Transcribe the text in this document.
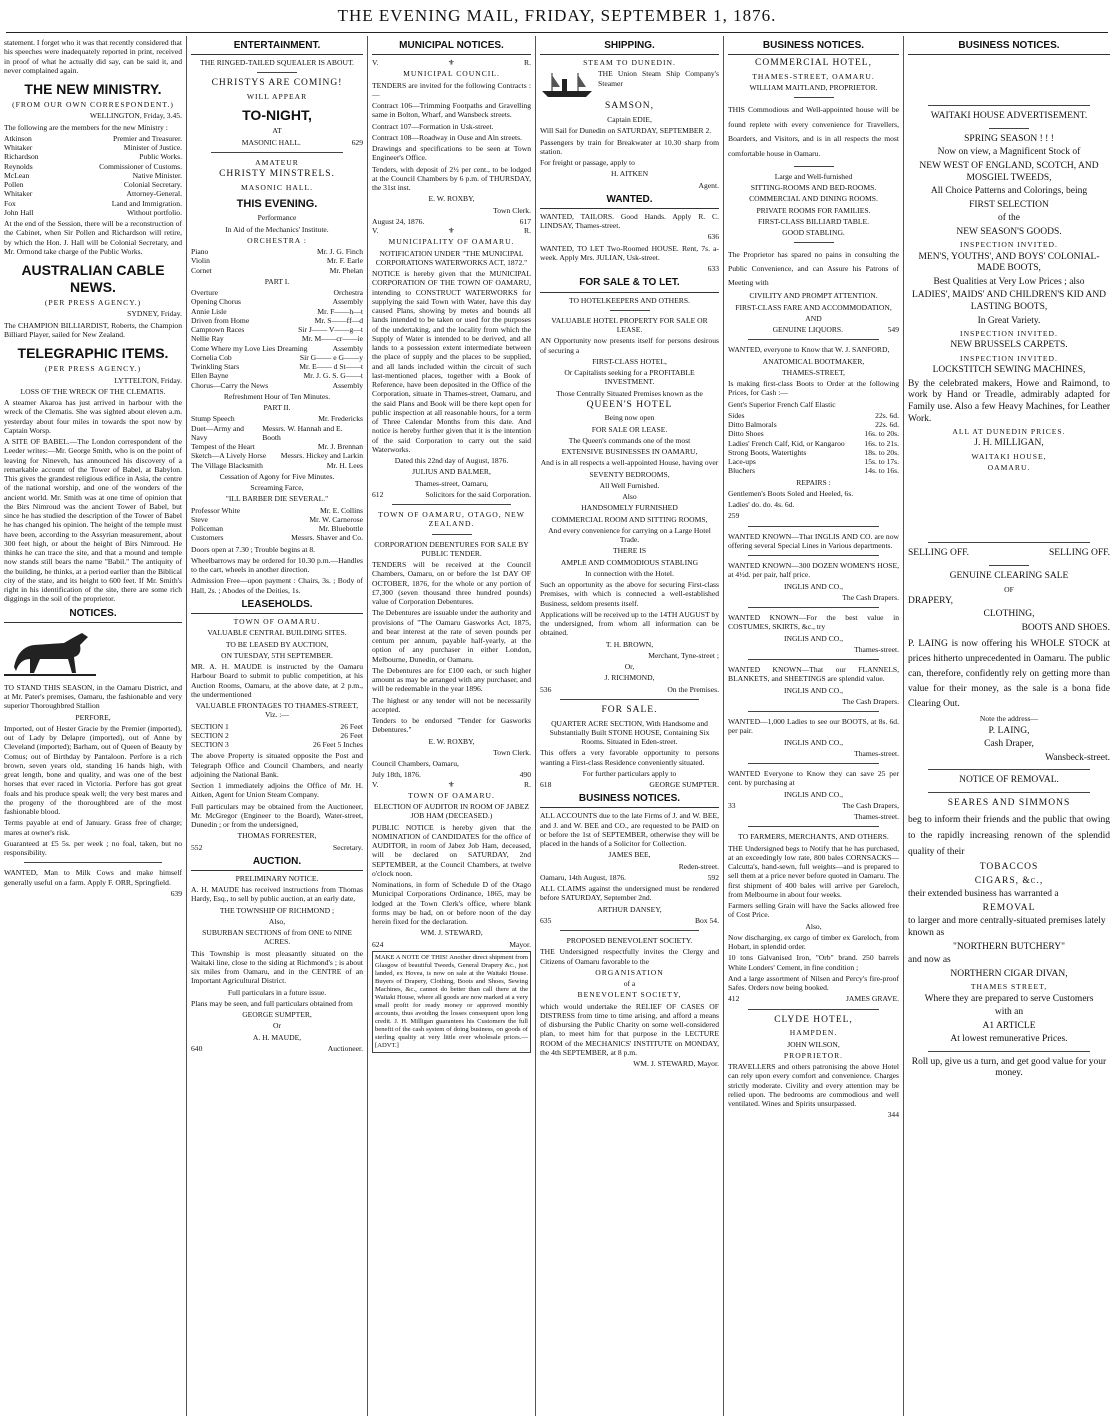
THE EVENING MAIL, FRIDAY, SEPTEMBER 1, 1876.

statement. I forget who it was that recently considered that his speeches were inadequately reported in print, received in proof of what he actually did say, can be said it, and never complained again.

THE NEW MINISTRY.

(FROM OUR OWN CORRESPONDENT.)

WELLINGTON, Friday, 3.45.

The following are the members for the new Ministry :

Atkinson	Premier and Treasurer.
Whitaker	Minister of Justice.
Richardson	Public Works.
Reynolds	Commissioner of Customs.
McLean	Native Minister.
Pollen	Colonial Secretary.
Whitaker	Attorney-General.
Fox	Land and Immigration.
John Hall	Without portfolio.

At the end of the Session, there will be a reconstruction of the Cabinet, when Sir Pollen and Richardson will retire, by which the Hon. J. Hall will be Colonial Secretary, and Mr. Ormond take charge of the Public Works.

AUSTRALIAN CABLE NEWS.

(PER PRESS AGENCY.)

SYDNEY, Friday.

The CHAMPION BILLIARDIST, Roberts, the Champion Billiard Player, sailed for New Zealand.

TELEGRAPHIC ITEMS.

(PER PRESS AGENCY.)

LYTTELTON, Friday.

LOSS OF THE WRECK OF THE CLEMATIS.

A steamer Akaroa has just arrived in harbour with the wreck of the Clematis. She was sighted about eleven a.m. yesterday about four miles in towards the spot now by Captain Worsp.

A SITE OF BABEL.—The London correspondent of the Leeder writes:—Mr. George Smith, who is on the point of leaving for Nineveh, has announced his discovery of a remarkable account of the Tower of Babel, at Babylon. This gives the grandest religious edifice in Asia, the centre of the national worship, and one of the wonders of the ancient world. Mr. Smith was at one time of opinion that the Birs Nimroud was the ancient Tower of Babel, but since he has studied the description of the Tower of Babel he has changed his opinion. The height of the temple must have been, according to the Assyrian measurement, about 300 feet high, or about the height of Birs Nimroud. He thinks he can trace the site, and that a mound and temple now stands still bears the name "Babil." The antiquity of the building, he thinks, at a period earlier than the Biblical city of the state, and its height to 600 feet. If Mr. Smith's right in his identification of the site, there are some rich diggings in the soil of the proprietor.

NOTICES.

TO STAND THIS SEASON, in the Oamaru District, and at Mr. Pater's premises, Oamaru, the fashionable and very superior Thoroughbred Stallion

PERFORE,

Imported, out of Hester Gracie by the Premier (imported), out of Lady by Delapre (imported), out of Anne by Cleveland (imported); Barham, out of Queen of Beauty by Comus; out of Birthday by Pantaloon. Perfore is a rich brown, seven years old, standing 16 hands high, with great length, bone and quality, and was one of the best horses that ever raced in Victoria. Perfore has got great foals and his produce speak well; the very best mares and the progeny of the thoroughbred are of the most fashionable blood.

Terms payable at end of January. Grass free of charge; mares at owner's risk.

Guaranteed at £5 5s. per week ; no foal, taken, but no responsibility.

WANTED, Man to Milk Cows and make himself generally useful on a farm. Apply F. ORR, Springfield.

639

ENTERTAINMENT.

THE RINGED-TAILED SQUEALER IS ABOUT.

CHRISTYS ARE COMING!

WILL APPEAR

TO-NIGHT,

AT

MASONIC HALL.	629

AMATEUR

CHRISTY MINSTRELS.

MASONIC HALL.

THIS EVENING.

Performance

In Aid of the Mechanics' Institute.

ORCHESTRA :

Piano	Mr. J. G. Finch
Violin	Mr. F. Earle
Cornet	Mr. Phelan

PART I.

Overture	Orchestra
Opening Chorus	Assembly
Annie Lisle	Mr. F——h—t
Driven from Home	Mr. S——ff—d
Camptown Races	Sir J—— V——g—t
Nellie Ray	Mr. M——cr——ie
Come Where my Love Lies Dreaming	Assembly
Cornelia Cob	Sir G—— e G——y
Twinkling Stars	Mr. E—— d St——t
Ellen Bayne	Mr. J. G. S. G——t
Chorus—Carry the News	Assembly

Refreshment Hour of Ten Minutes.

PART II.

Stump Speech	Mr. Fredericks
Duet—Army and Navy
Messrs. W. Hannah and E. Booth
Tempest of the Heart	Mr. J. Brennan
Sketch—A Lively Horse Messrs. Hickey and Larkin
The Village Blacksmith	Mr. H. Lees

Cessation of Agony for Five Minutes.

Screaming Farce,

"ILL BARBER DIE SEVERAL."

Professor White	Mr. E. Collins
Steve	Mr. W. Carnerose
Policeman	Mr. Bluebottle
Customers	Messrs. Shaver and Co.

Doors open at 7.30 ; Trouble begins at 8.

Wheelbarrows may be ordered for 10.30 p.m.—Handles to the cart, wheels in another direction.

Admission Free—upon payment : Chairs, 3s. ; Body of Hall, 2s. ; Abodes of the Deities, 1s.

LEASEHOLDS.

TOWN OF OAMARU.

VALUABLE CENTRAL BUILDING SITES.

TO BE LEASED BY AUCTION,

ON TUESDAY, 5TH SEPTEMBER.

MR. A. H. MAUDE is instructed by the Oamaru Harbour Board to submit to public competition, at his Auction Rooms, Oamaru, at the above date, at 2 p.m., the undermentioned

VALUABLE FRONTAGES TO THAMES-STREET, Viz. :—

SECTION 1	26 Feet
SECTION 2	26 Feet
SECTION 3	26 Feet 5 Inches

The above Property is situated opposite the Post and Telegraph Office and Council Chambers, and nearly adjoining the National Bank.

Section 1 immediately adjoins the Office of Mr. H. Aitken, Agent for Union Steam Company.

Full particulars may be obtained from the Auctioneer, Mr. McGregor (Engineer to the Board), Water-street, Dunedin ; or from the undersigned,

THOMAS FORRESTER,

552	Secretary.
AUCTION.

PRELIMINARY NOTICE.

A. H. MAUDE has received instructions from Thomas Hardy, Esq., to sell by public auction, at an early date,

THE TOWNSHIP OF RICHMOND ;

Also,

SUBURBAN SECTIONS of from ONE to NINE ACRES.

This Township is most pleasantly situated on the Waitaki line, close to the siding at Richmond's ; is about six miles from Oamaru, and in the CENTRE of an Important Agricultural District.

Full particulars in a future issue.

Plans may be seen, and full particulars obtained from

GEORGE SUMPTER,

Or

A. H. MAUDE,

640	Auctioneer.
MUNICIPAL NOTICES.
V.	⚜	R.

MUNICIPAL COUNCIL.

TENDERS are invited for the following Contracts :—

Contract 106—Trimming Footpaths and Gravelling same in Bolton, Wharf, and Wansbeck streets.

Contract 107—Formation in Usk-street.

Contract 108—Roadway in Ouse and Aln streets.

Drawings and specifications to be seen at Town Engineer's Office.

Tenders, with deposit of 2½ per cent., to be lodged at the Council Chambers by 6 p.m. of THURSDAY, the 31st inst.

E. W. ROXBY,

Town Clerk.

August 24, 1876.	617
V.	⚜	R.

MUNICIPALITY OF OAMARU.

NOTIFICATION UNDER "THE MUNICIPAL CORPORATIONS WATERWORKS ACT, 1872."

NOTICE is hereby given that the MUNICIPAL CORPORATION OF THE TOWN OF OAMARU, intending to CONSTRUCT WATERWORKS for supplying the said Town with Water, have this day caused Plans, showing by metes and bounds all lands intended to be taken or used for the purposes of the undertaking, and the locality from which the Supply of Water is intended to be derived, and all lands to a possession extent intermediate between the place of supply and the places to be supplied, and all lands included within the circuit of such last-mentioned places, together with a Book of Reference, have been deposited in the Office of the Corporation, situate in Thames-street, Oamaru, and the said Plans and Book will be there kept open for public inspection at all reasonable hours, for a term of Three Calendar Months from this date. And notice is hereby further given that it is the intention of the said Corporation to carry out the said Waterworks.

Dated this 22nd day of August, 1876.

JULIUS AND BALMER,

Thames-street, Oamaru,

612	Solicitors for the said Corporation.

TOWN OF OAMARU, OTAGO, NEW ZEALAND.

CORPORATION DEBENTURES FOR SALE BY PUBLIC TENDER.

TENDERS will be received at the Council Chambers, Oamaru, on or before the 1st DAY OF OCTOBER, 1876, for the whole or any portion of £7,300 (seven thousand three hundred pounds) value of Corporation Debentures.

The Debentures are issuable under the authority and provisions of "The Oamaru Gasworks Act, 1875, and bear interest at the rate of seven pounds per centum per annum, payable half-yearly, at the option of any purchaser in either London, Melbourne, Dunedin, or Oamaru.

The Debentures are for £100 each, or such higher amount as may be arranged with any purchaser, and will be redeemable in the year 1896.

The highest or any tender will not be necessarily accepted.

Tenders to be endorsed "Tender for Gasworks Debentures."

E. W. ROXBY,

Town Clerk.

Council Chambers, Oamaru,

July 18th, 1876.	490
V.	⚜	R.

TOWN OF OAMARU.

ELECTION OF AUDITOR IN ROOM OF JABEZ JOB HAM (DECEASED.)

PUBLIC NOTICE is hereby given that the NOMINATION of CANDIDATES for the office of AUDITOR, in room of Jabez Job Ham, deceased, will be declared on SATURDAY, 2nd SEPTEMBER, at the Council Chambers, at twelve o'clock noon.

Nominations, in form of Schedule D of the Otago Municipal Corporations Ordinance, 1865, may be lodged at the Town Clerk's office, where blank forms may be had, on or before noon of the day herein fixed for the declaration.

WM. J. STEWARD,

624	Mayor.

MAKE A NOTE OF THIS! Another direct shipment from Glasgow of beautiful Tweeds, General Drapery &c., just landed, ex Hovea, is now on sale at the Waitaki House. Buyers of Drapery, Clothing, Boots and Shoes, Sewing Machines, &c., cannot do better than call there at the Waitaki House, where all goods are now marked at a very small profit for ready money or approved monthly accounts, thus avoiding the losses consequent upon long credit. J. H. Milligan guarantees his Customers the full benefit of the cash system of doing business, on goods of sterling quality at very little over wholesale prices.—[ADVT.]

SHIPPING.

STEAM TO DUNEDIN.

THE Union Steam Ship Company's Steamer

SAMSON,

Captain EDIE,

Will Sail for Dunedin on SATURDAY, SEPTEMBER 2.

Passengers by train for Breakwater at 10.30 sharp from station.

For freight or passage, apply to

H. AITKEN

Agent.

WANTED.

WANTED, TAILORS. Good Hands. Apply R. C. LINDSAY, Thames-street.

636

WANTED, TO LET Two-Roomed HOUSE. Rent, 7s. a-week. Apply Mrs. JULIAN, Usk-street.

633

FOR SALE & TO LET.

TO HOTELKEEPERS AND OTHERS.

VALUABLE HOTEL PROPERTY FOR SALE OR LEASE.

AN Opportunity now presents itself for persons desirous of securing a

FIRST-CLASS HOTEL,

Or Capitalists seeking for a PROFITABLE INVESTMENT.

Those Centrally Situated Premises known as the

QUEEN'S HOTEL

Being now open

FOR SALE OR LEASE.

The Queen's commands one of the most

EXTENSIVE BUSINESSES IN OAMARU,

And is in all respects a well-appointed House, having over

SEVENTY BEDROOMS,

All Well Furnished.

Also

HANDSOMELY FURNISHED

COMMERCIAL ROOM AND SITTING ROOMS,

And every convenience for carrying on a Large Hotel Trade.

THERE IS

AMPLE AND COMMODIOUS STABLING

In connection with the Hotel.

Such an opportunity as the above for securing First-class Premises, with which is connected a well-established Business, seldom presents itself.

Applications will be received up to the 14TH AUGUST by the undersigned, from whom all information can be obtained.

T. H. BROWN,

Merchant, Tyne-street ;

Or,

J. RICHMOND,

536	On the Premises.

FOR SALE.

QUARTER ACRE SECTION, With Handsome and Substantially Built STONE HOUSE, Containing Six Rooms. Situated in Eden-street.

This offers a very favorable opportunity to persons wanting a First-class Residence conveniently situated.

For further particulars apply to

618	GEORGE SUMPTER.
BUSINESS NOTICES.

ALL ACCOUNTS due to the late Firms of J. and W. BEE, and J. and W. BEE and CO., are requested to be PAID on or before the 1st of SEPTEMBER, otherwise they will be placed in the hands of a Solicitor for Collection.

JAMES BEE,

Reden-street.

Oamaru, 14th August, 1876.	592

ALL CLAIMS against the undersigned must be rendered before SATURDAY, September 2nd.

ARTHUR DANSEY,

635	Box 54.

PROPOSED BENEVOLENT SOCIETY.

THE Undersigned respectfully invites the Clergy and Citizens of Oamaru favorable to the

ORGANISATION

of a

BENEVOLENT SOCIETY,

which would undertake the RELIEF OF CASES OF DISTRESS from time to time arising, and afford a means of disbursing the Public Charity on some well-considered plan, to meet him for that purpose in the LECTURE ROOM of the MECHANICS' INSTITUTE on MONDAY, the 4th SEPTEMBER, at 8 p.m.

WM. J. STEWARD, Mayor.

BUSINESS NOTICES.

COMMERCIAL HOTEL,

THAMES-STREET, OAMARU.

WILLIAM MAITLAND, PROPRIETOR.

THIS Commodious and Well-appointed house will be found replete with every convenience for Travellers, Boarders, and Visitors, and is in all respects the most comfortable house in Oamaru.

Large and Well-furnished

SITTING-ROOMS AND BED-ROOMS.

COMMERCIAL AND DINING ROOMS.

PRIVATE ROOMS FOR FAMILIES.

FIRST-CLASS BILLIARD TABLE.

GOOD STABLING.

The Proprietor has spared no pains in consulting the Public Convenience, and can Assure his Patrons of Meeting with

CIVILITY AND PROMPT ATTENTION.

FIRST-CLASS FARE AND ACCOMMODATION,

AND

GENUINE LIQUORS.	549

WANTED, everyone to Know that W. J. SANFORD,

ANATOMICAL BOOTMAKER,

THAMES-STREET,

Is making first-class Boots to Order at the following Prices, for Cash :—

Gent's Superior French Calf Elastic

Sides	22s. 6d.
Ditto Balmorals	22s. 6d.
Ditto Shoes	16s. to 20s.
Ladies' French Calf, Kid, or Kangaroo	16s. to 21s.
Strong Boots, Watertights	18s. to 20s.
Lace-ups	15s. to 17s.
Bluchers	14s. to 16s.

REPAIRS :

Gentlemen's Boots Soled and Heeled, 6s.

Ladies' do. do. 4s. 6d.

259

WANTED KNOWN—That INGLIS AND CO. are now offering several Special Lines in Various departments.

WANTED KNOWN—300 DOZEN WOMEN'S HOSE, at 4½d. per pair, half price.

INGLIS AND CO.,

The Cash Drapers.

WANTED KNOWN—For the best value in COSTUMES, SKIRTS, &c., try

INGLIS AND CO.,

Thames-street.

WANTED KNOWN—That our FLANNELS, BLANKETS, and SHEETINGS are splendid value.

INGLIS AND CO.,

The Cash Drapers.

WANTED—1,000 Ladies to see our BOOTS, at 8s. 6d. per pair.

INGLIS AND CO.,

Thames-street.

WANTED Everyone to Know they can save 25 per cent. by purchasing at

INGLIS AND CO.,

33	The Cash Drapers,

Thames-street.

TO FARMERS, MERCHANTS, AND OTHERS.

THE Undersigned begs to Notify that he has purchased, at an exceedingly low rate, 800 bales CORNSACKS—Calcutta's, hand-sewn, full weights—and is prepared to sell them at a price never before quoted in Oamaru. The first shipment of 400 bales will arrive per Gareloch, from Melbourne in about four weeks.

Farmers selling Grain will have the Sacks allowed free of Cost Price.

Also,

Now discharging, ex cargo of timber ex Gareloch, from Hobart, in splendid order.

10 tons Galvanised Iron, "Orb" brand. 250 barrels White Londers' Cement, in fine condition ;

And a large assortment of Nilsen and Percy's fire-proof Safes. Orders now being booked.

412	JAMES GRAVE.

CLYDE HOTEL,

HAMPDEN.

JOHN WILSON,

PROPRIETOR.

TRAVELLERS and others patronising the above Hotel can rely upon every comfort and convenience. Charges strictly moderate. Civility and every attention may be relied upon. The bedrooms are commodious and well ventilated. Wines and Spirits unsurpassed.

344

BUSINESS NOTICES.

WAITAKI HOUSE ADVERTISEMENT.

SPRING SEASON ! ! !

Now on view, a Magnificent Stock of

NEW WEST OF ENGLAND, SCOTCH, AND MOSGIEL TWEEDS,

All Choice Patterns and Colorings, being

FIRST SELECTION

of the

NEW SEASON'S GOODS.

INSPECTION INVITED.

MEN'S, YOUTHS', AND BOYS' COLONIAL-MADE BOOTS,

Best Qualities at Very Low Prices ; also

LADIES', MAIDS' AND CHILDREN'S KID AND LASTING BOOTS,

In Great Variety.

INSPECTION INVITED.

NEW BRUSSELS CARPETS.

INSPECTION INVITED.

LOCKSTITCH SEWING MACHINES,

By the celebrated makers, Howe and Raimond, to work by Hand or Treadle, admirably adapted for Family use. Also a few Heavy Machines, for Leather Work.

ALL AT DUNEDIN PRICES.

J. H. MILLIGAN,

WAITAKI HOUSE,

OAMARU.

SELLING OFF.	SELLING OFF.

GENUINE CLEARING SALE

OF

DRAPERY,

CLOTHING,

BOOTS AND SHOES.

P. LAING is now offering his WHOLE STOCK at prices hitherto unprecedented in Oamaru. The public can, therefore, confidently rely on getting more than value for their money, as the sale is a bona fide Clearing Out.

Note the address—

P. LAING,

Cash Draper,

Wansbeck-street.

NOTICE OF REMOVAL.

SEARES AND SIMMONS

beg to inform their friends and the public that owing to the rapidly increasing renown of the splendid quality of their

TOBACCOS

CIGARS, &c.,

their extended business has warranted a

REMOVAL

to larger and more centrally-situated premises lately known as

"NORTHERN BUTCHERY"

and now as

NORTHERN CIGAR DIVAN,

THAMES STREET,

Where they are prepared to serve Customers

with an

A1 ARTICLE

At lowest remunerative Prices.

Roll up, give us a turn, and get good value for your money.
